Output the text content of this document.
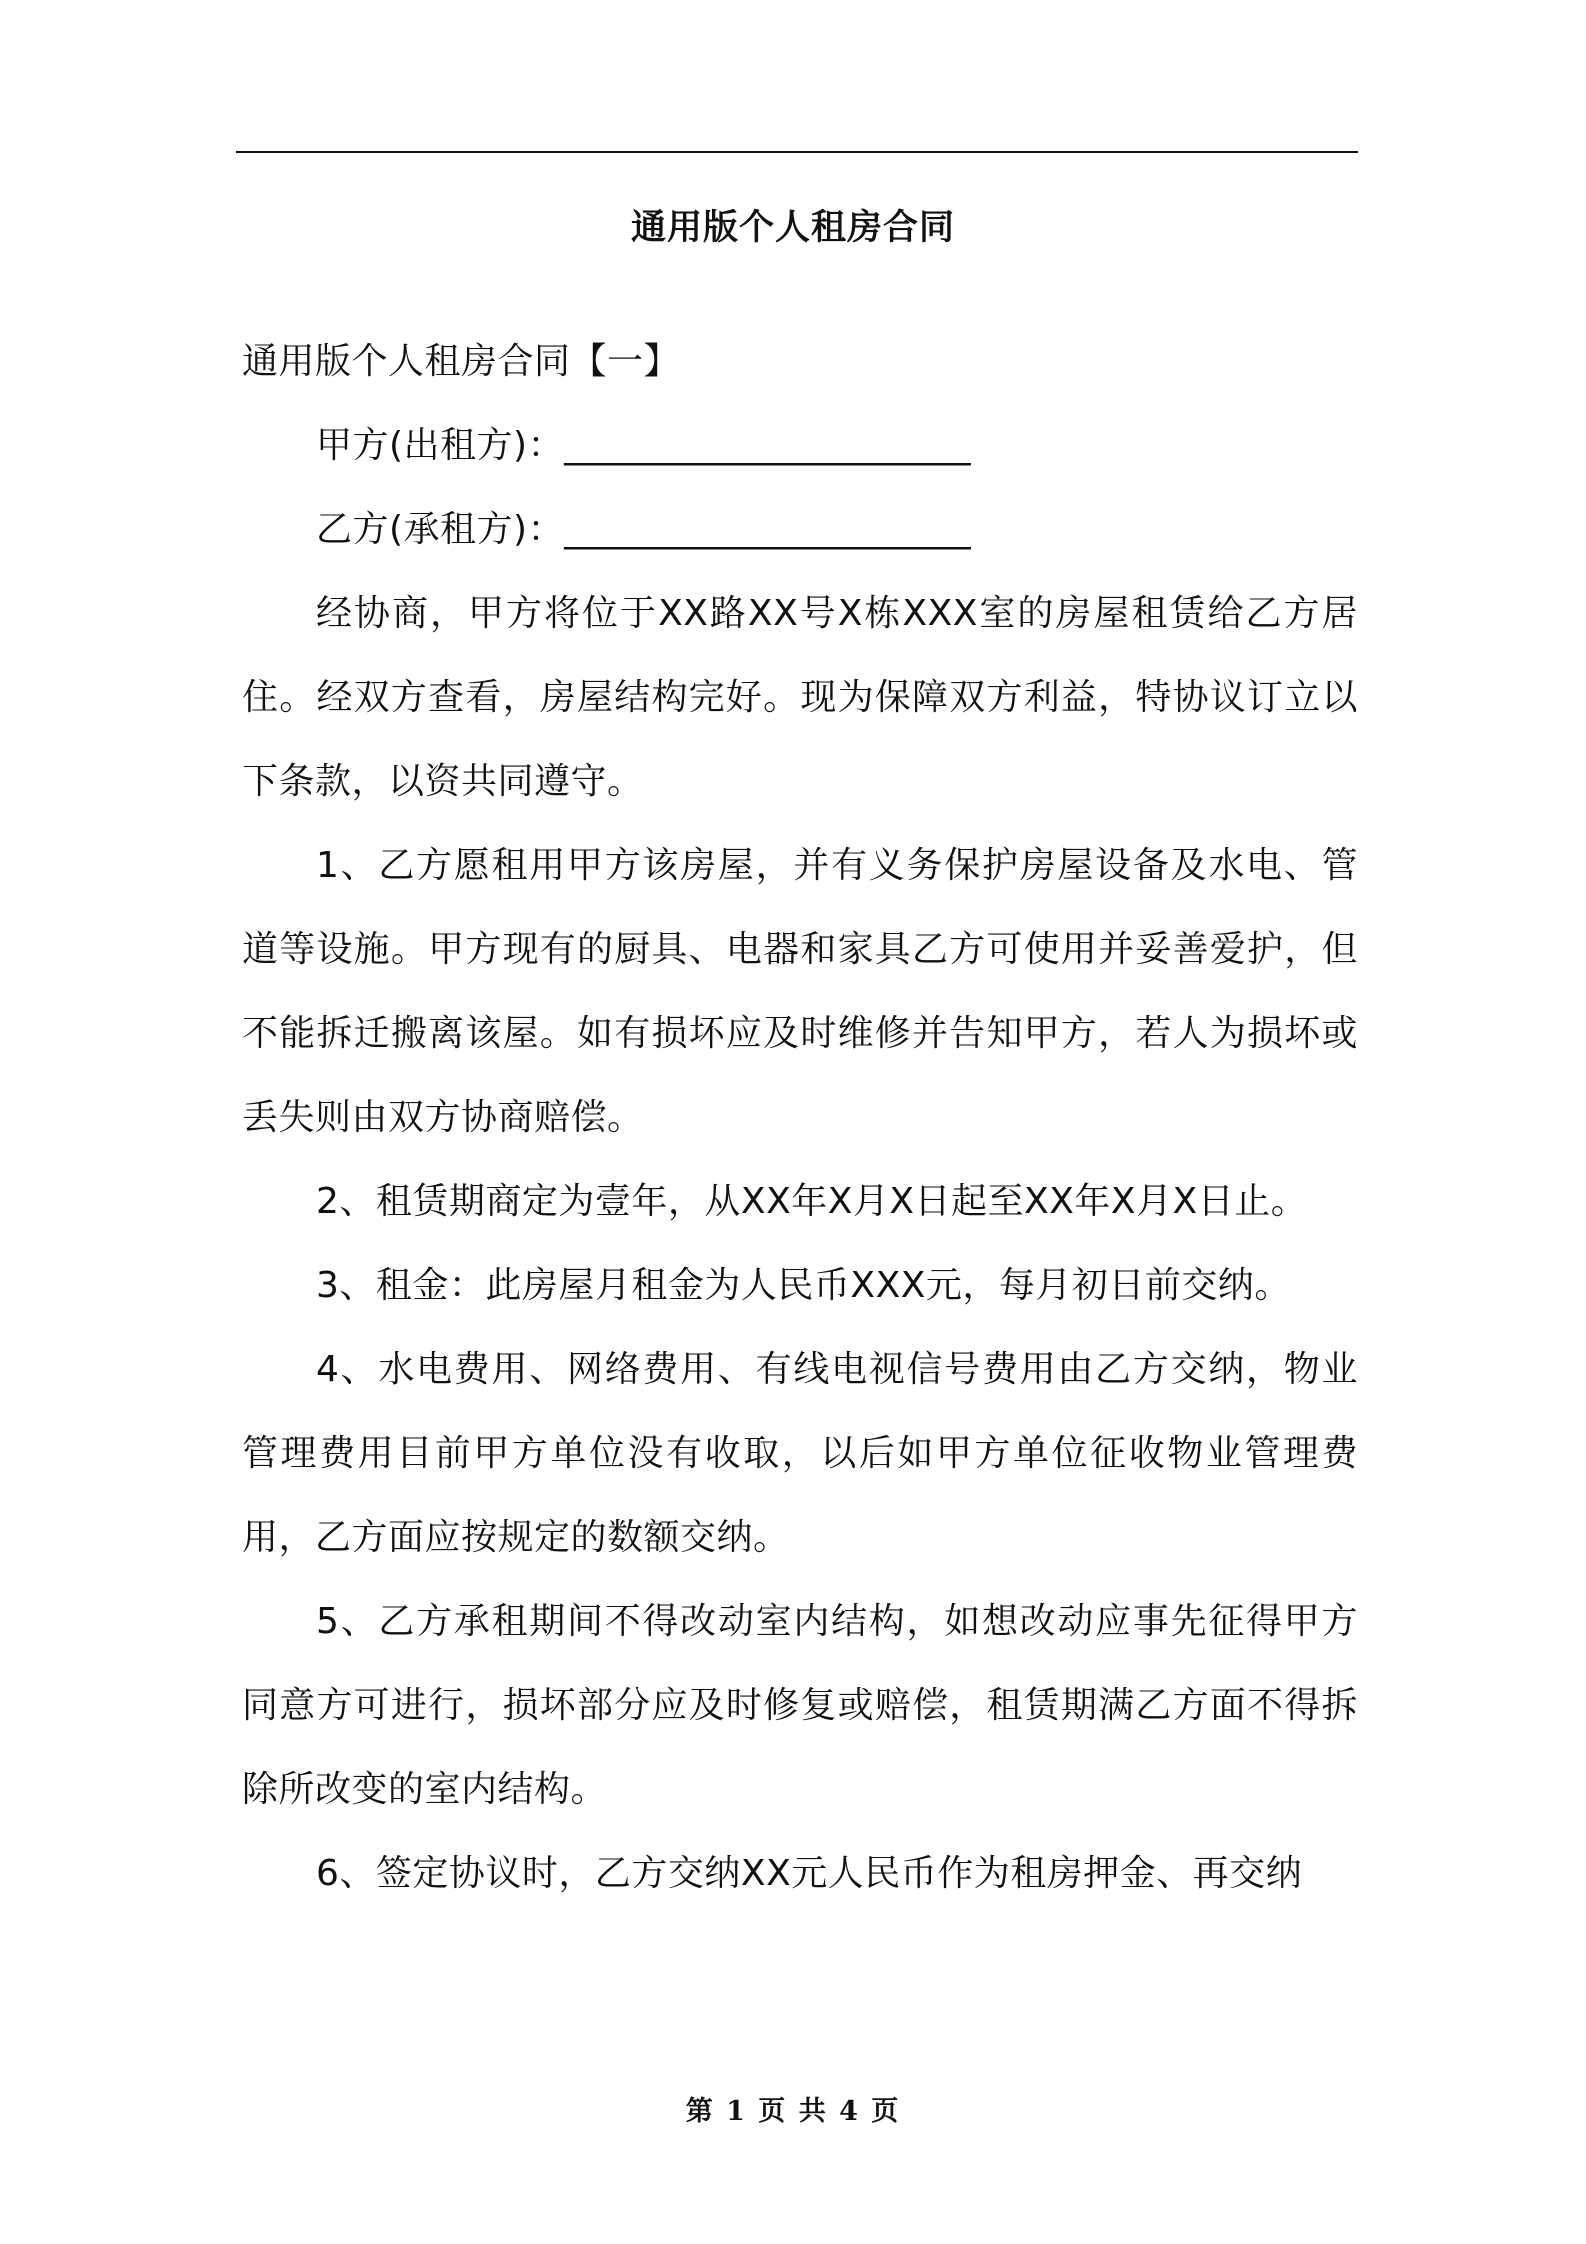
通用版个人租房合同

通用版个人租房合同【一】

甲方(出租方)：______________________

乙方(承租方)：______________________

经协商，甲方将位于XX路XX号X栋XXX室的房屋租赁给乙方居住。经双方查看，房屋结构完好。现为保障双方利益，特协议订立以下条款，以资共同遵守。

1、乙方愿租用甲方该房屋，并有义务保护房屋设备及水电、管道等设施。甲方现有的厨具、电器和家具乙方可使用并妥善爱护，但不能拆迁搬离该屋。如有损坏应及时维修并告知甲方，若人为损坏或丢失则由双方协商赔偿。

2、租赁期商定为壹年，从XX年X月X日起至XX年X月X日止。

3、租金：此房屋月租金为人民币XXX元，每月初日前交纳。

4、水电费用、网络费用、有线电视信号费用由乙方交纳，物业管理费用目前甲方单位没有收取，以后如甲方单位征收物业管理费用，乙方面应按规定的数额交纳。

5、乙方承租期间不得改动室内结构，如想改动应事先征得甲方同意方可进行，损坏部分应及时修复或赔偿，租赁期满乙方面不得拆除所改变的室内结构。

6、签定协议时，乙方交纳XX元人民币作为租房押金、再交纳

第 1 页 共 4 页
